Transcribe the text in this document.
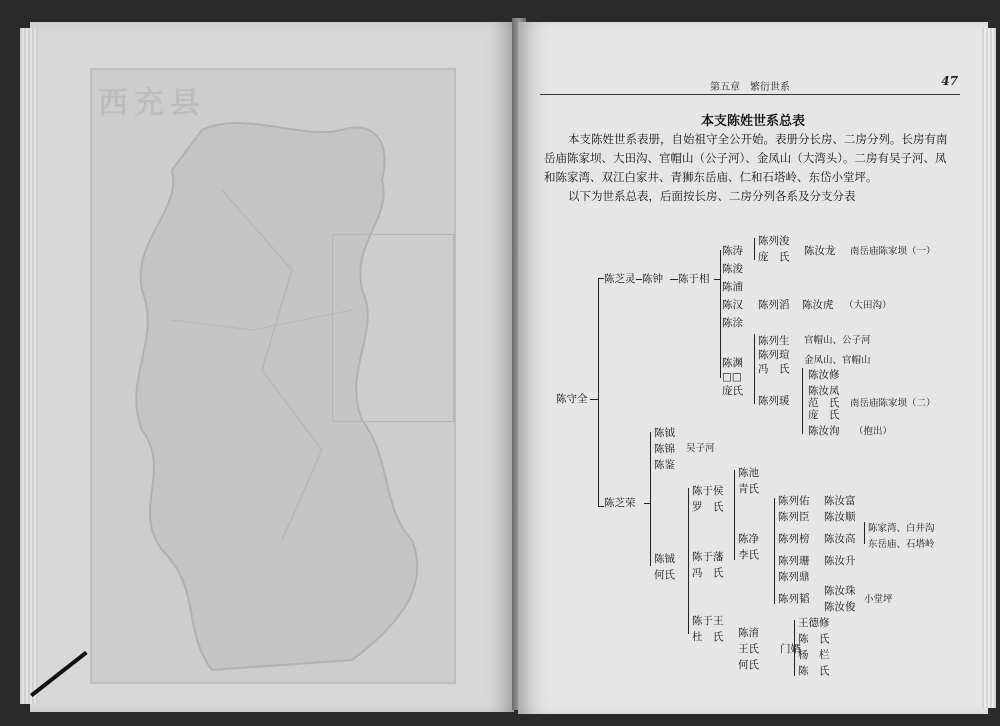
西充县	第五章　繁衍世系	47
本支陈姓世系总表

本支陈姓世系表册，自始祖守全公开始。表册分长房、二房分列。长房有南岳庙陈家坝、大田沟、官帽山（公子河）、金凤山（大湾头）。二房有吴子河、凤和陈家湾、双江白家井、青狮东岳庙、仁和石塔岭、东岱小堂坪。

以下为世系总表，后面按长房、二房分列各系及分支分表

陈守全
陈芝灵 陈钟 陈于相
陈涛
陈浚
陈浦
陈汉
陈涂
陈渊
□□
庞氏
陈列浚
庞　氏 陈汝龙 南岳庙陈家坝（一）
陈列滔 陈汝虎 （大田沟）
陈列生
陈列瑄
冯　氏
陈列瑗
官帽山、公子河
金凤山、官帽山
陈汝修
陈汝凤
范　氏
庞　氏
陈汝洵
南岳庙陈家坝（二）
（抱出）
陈芝荣
陈钺
陈锦
陈鉴
吴子河
陈铖
何氏
陈于侯
罗　氏
陈于藩
冯　氏
陈于王
杜　氏
陈池
青氏
陈净
李氏
陈列佑
陈列臣
陈列榜
陈列珊
陈列鼎
陈列韬
陈汝富
陈汝顺
陈汝高
陈汝升
陈汝珠
陈汝俊
陈家湾、白井沟
东岳庙、石塔岭
小堂坪
陈淯
王氏 门婿
何氏
王德修
陈　氏
杨　栏
陈　氏
